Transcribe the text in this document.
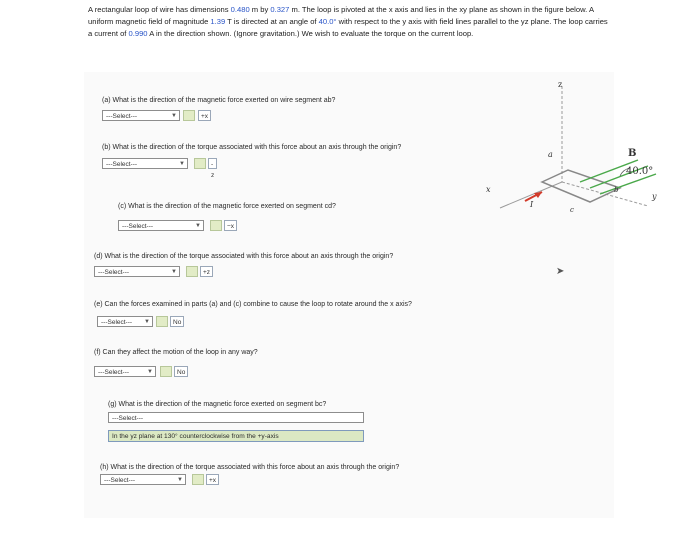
A rectangular loop of wire has dimensions 0.480 m by 0.327 m. The loop is pivoted at the x axis and lies in the xy plane as shown in the figure below. A uniform magnetic field of magnitude 1.39 T is directed at an angle of 40.0° with respect to the y axis with field lines parallel to the yz plane. The loop carries a current of 0.990 A in the direction shown. (Ignore gravitation.) We wish to evaluate the torque on the current loop.
(a) What is the direction of the magnetic force exerted on wire segment ab?
---Select---	▼	+x
(b) What is the direction of the torque associated with this force about an axis through the origin?
---Select---	▼	-z
(c) What is the direction of the magnetic force exerted on segment cd?
---Select---	▼	−x
(d) What is the direction of the torque associated with this force about an axis through the origin?
---Select---	▼	+z
(e) Can the forces examined in parts (a) and (c) combine to cause the loop to rotate around the x axis?
---Select--- ▼	No
(f) Can they affect the motion of the loop in any way?
---Select---	▼	No
(g) What is the direction of the magnetic force exerted on segment bc?
---Select---
In the yz plane at 130° counterclockwise from the +y-axis
(h) What is the direction of the torque associated with this force about an axis through the origin?
---Select---	▼	+x
z
x
y
a
b
c
I
B
40.0°
➤
